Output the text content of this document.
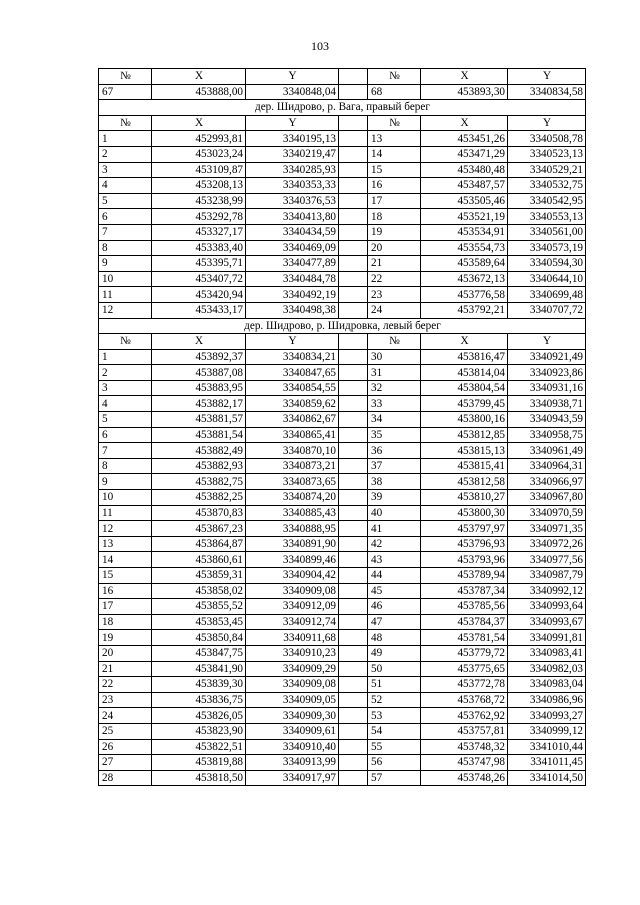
103
№	X	Y		№	X	Y
67	453888,00	3340848,04		68	453893,30	3340834,58
дер. Шидрово, р. Вага, правый берег						
№	X	Y		№	X	Y
1	452993,81	3340195,13		13	453451,26	3340508,78
2	453023,24	3340219,47		14	453471,29	3340523,13
3	453109,87	3340285,93		15	453480,48	3340529,21
4	453208,13	3340353,33		16	453487,57	3340532,75
5	453238,99	3340376,53		17	453505,46	3340542,95
6	453292,78	3340413,80		18	453521,19	3340553,13
7	453327,17	3340434,59		19	453534,91	3340561,00
8	453383,40	3340469,09		20	453554,73	3340573,19
9	453395,71	3340477,89		21	453589,64	3340594,30
10	453407,72	3340484,78		22	453672,13	3340644,10
11	453420,94	3340492,19		23	453776,58	3340699,48
12	453433,17	3340498,38		24	453792,21	3340707,72
дер. Шидрово, р. Шидровка, левый берег						
№	X	Y		№	X	Y
1	453892,37	3340834,21		30	453816,47	3340921,49
2	453887,08	3340847,65		31	453814,04	3340923,86
3	453883,95	3340854,55		32	453804,54	3340931,16
4	453882,17	3340859,62		33	453799,45	3340938,71
5	453881,57	3340862,67		34	453800,16	3340943,59
6	453881,54	3340865,41		35	453812,85	3340958,75
7	453882,49	3340870,10		36	453815,13	3340961,49
8	453882,93	3340873,21		37	453815,41	3340964,31
9	453882,75	3340873,65		38	453812,58	3340966,97
10	453882,25	3340874,20		39	453810,27	3340967,80
11	453870,83	3340885,43		40	453800,30	3340970,59
12	453867,23	3340888,95		41	453797,97	3340971,35
13	453864,87	3340891,90		42	453796,93	3340972,26
14	453860,61	3340899,46		43	453793,96	3340977,56
15	453859,31	3340904,42		44	453789,94	3340987,79
16	453858,02	3340909,08		45	453787,34	3340992,12
17	453855,52	3340912,09		46	453785,56	3340993,64
18	453853,45	3340912,74		47	453784,37	3340993,67
19	453850,84	3340911,68		48	453781,54	3340991,81
20	453847,75	3340910,23		49	453779,72	3340983,41
21	453841,90	3340909,29		50	453775,65	3340982,03
22	453839,30	3340909,08		51	453772,78	3340983,04
23	453836,75	3340909,05		52	453768,72	3340986,96
24	453826,05	3340909,30		53	453762,92	3340993,27
25	453823,90	3340909,61		54	453757,81	3340999,12
26	453822,51	3340910,40		55	453748,32	3341010,44
27	453819,88	3340913,99		56	453747,98	3341011,45
28	453818,50	3340917,97		57	453748,26	3341014,50
